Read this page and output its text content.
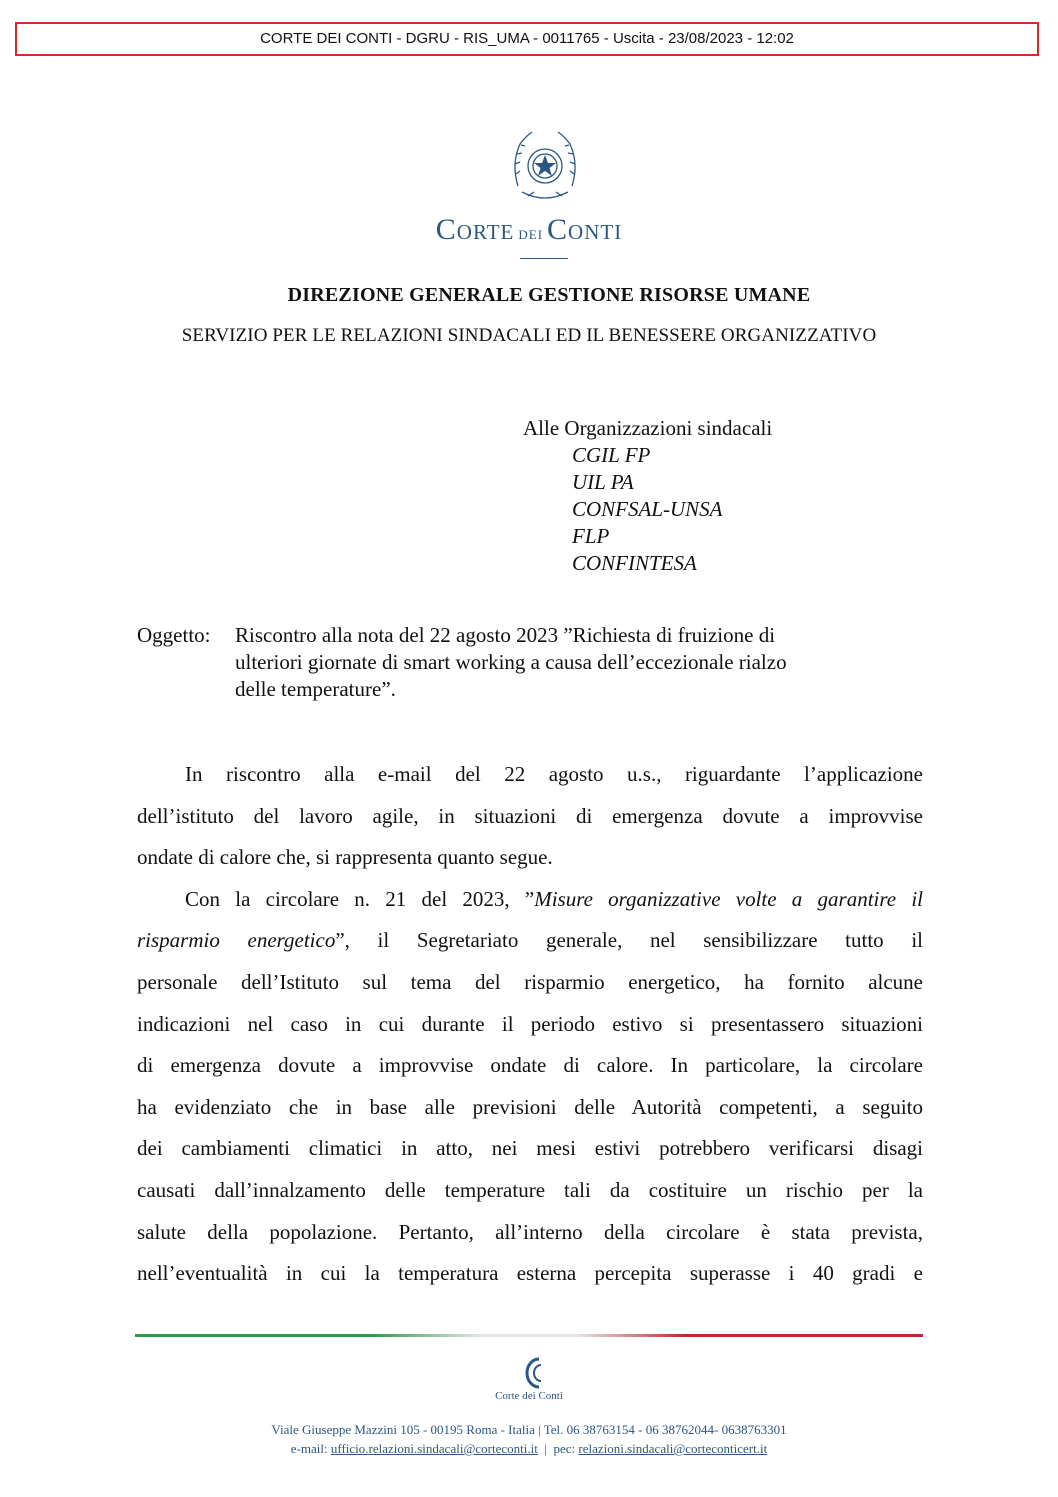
CORTE DEI CONTI - DGRU - RIS_UMA - 0011765 - Uscita - 23/08/2023 - 12:02
Corte dei Conti
DIREZIONE GENERALE GESTIONE RISORSE UMANE
SERVIZIO PER LE RELAZIONI SINDACALI ED IL BENESSERE ORGANIZZATIVO
Alle Organizzazioni sindacali
CGIL FP
UIL PA
CONFSAL-UNSA
FLP
CONFINTESA
Oggetto: Riscontro alla nota del 22 agosto 2023 ”Richiesta di fruizione di
ulteriori giornate di smart working a causa dell’eccezionale rialzo
delle temperature”.
In riscontro alla e-mail del 22 agosto u.s., riguardante l’applicazione
dell’istituto del lavoro agile, in situazioni di emergenza dovute a improvvise
ondate di calore che, si rappresenta quanto segue.
Con la circolare n. 21 del 2023, ”Misure organizzative volte a garantire il
risparmio energetico”, il Segretariato generale, nel sensibilizzare tutto il
personale dell’Istituto sul tema del risparmio energetico, ha fornito alcune
indicazioni nel caso in cui durante il periodo estivo si presentassero situazioni
di emergenza dovute a improvvise ondate di calore. In particolare, la circolare
ha evidenziato che in base alle previsioni delle Autorità competenti, a seguito
dei cambiamenti climatici in atto, nei mesi estivi potrebbero verificarsi disagi
causati dall’innalzamento delle temperature tali da costituire un rischio per la
salute della popolazione. Pertanto, all’interno della circolare è stata prevista,
nell’eventualità in cui la temperatura esterna percepita superasse i 40 gradi e
Corte dei Conti
Viale Giuseppe Mazzini 105 - 00195 Roma - Italia | Tel. 06 38763154 - 06 38762044- 0638763301
e-mail: ufficio.relazioni.sindacali@corteconti.it | pec: relazioni.sindacali@corteconticert.it
